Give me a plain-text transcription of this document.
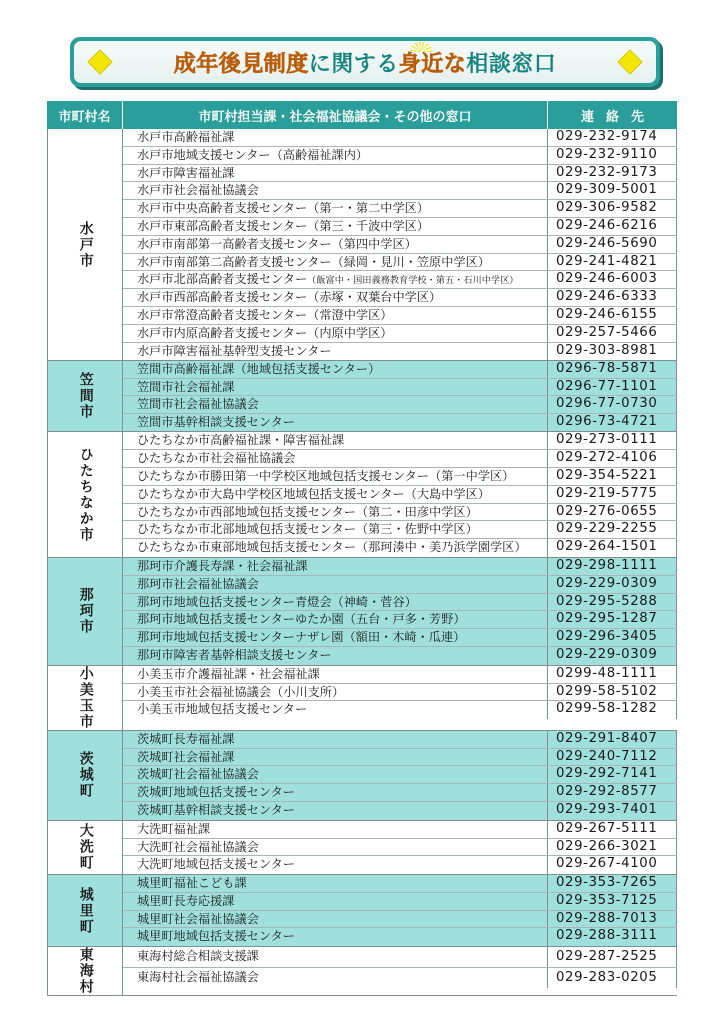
成年後見制度に関する身近な相談窓口
市町村名	市町村担当課・社会福祉協議会・その他の窓口	連絡先
水戸市
水戸市高齢福祉課	029-232-9174
水戸市地域支援センター（高齢福祉課内）	029-232-9110
水戸市障害福祉課	029-232-9173
水戸市社会福祉協議会	029-309-5001
水戸市中央高齢者支援センター（第一・第二中学区）	029-306-9582
水戸市東部高齢者支援センター（第三・千波中学区）	029-246-6216
水戸市南部第一高齢者支援センター（第四中学区）	029-246-5690
水戸市南部第二高齢者支援センター（緑岡・見川・笠原中学区）	029-241-4821
水戸市北部高齢者支援センター（飯富中・国田義務教育学校・第五・石川中学区）	029-246-6003
水戸市西部高齢者支援センター（赤塚・双葉台中学区）	029-246-6333
水戸市常澄高齢者支援センター（常澄中学区）	029-246-6155
水戸市内原高齢者支援センター（内原中学区）	029-257-5466
水戸市障害福祉基幹型支援センター	029-303-8981
笠間市
笠間市高齢福祉課（地域包括支援センター）	0296-78-5871
笠間市社会福祉課	0296-77-1101
笠間市社会福祉協議会	0296-77-0730
笠間市基幹相談支援センター	0296-73-4721
ひたちなか市
ひたちなか市高齢福祉課・障害福祉課	029-273-0111
ひたちなか市社会福祉協議会	029-272-4106
ひたちなか市勝田第一中学校区地域包括支援センター（第一中学区）	029-354-5221
ひたちなか市大島中学校区地域包括支援センター（大島中学区）	029-219-5775
ひたちなか市西部地域包括支援センター（第二・田彦中学区）	029-276-0655
ひたちなか市北部地域包括支援センター（第三・佐野中学区）	029-229-2255
ひたちなか市東部地域包括支援センター（那珂湊中・美乃浜学園学区）	029-264-1501
那珂市
那珂市介護長寿課・社会福祉課	029-298-1111
那珂市社会福祉協議会	029-229-0309
那珂市地域包括支援センター青燈会（神崎・菅谷）	029-295-5288
那珂市地域包括支援センターゆたか園（五台・戸多・芳野）	029-295-1287
那珂市地域包括支援センターナザレ園（額田・木崎・瓜連）	029-296-3405
那珂市障害者基幹相談支援センター	029-229-0309
小美玉市	小美玉市介護福祉課・社会福祉課	0299-48-1111
小美玉市社会福祉協議会（小川支所）	0299-58-5102
小美玉市地域包括支援センター	0299-58-1282
茨城町
茨城町長寿福祉課	029-291-8407
茨城町社会福祉課	029-240-7112
茨城町社会福祉協議会	029-292-7141
茨城町地域包括支援センター	029-292-8577
茨城町基幹相談支援センター	029-293-7401
大洗町	大洗町福祉課	029-267-5111
大洗町社会福祉協議会	029-266-3021
大洗町地域包括支援センター	029-267-4100
城里町
城里町福祉こども課	029-353-7265
城里町長寿応援課	029-353-7125
城里町社会福祉協議会	029-288-7013
城里町地域包括支援センター	029-288-3111
東海村	東海村総合相談支援課	029-287-2525
東海村社会福祉協議会	029-283-0205
